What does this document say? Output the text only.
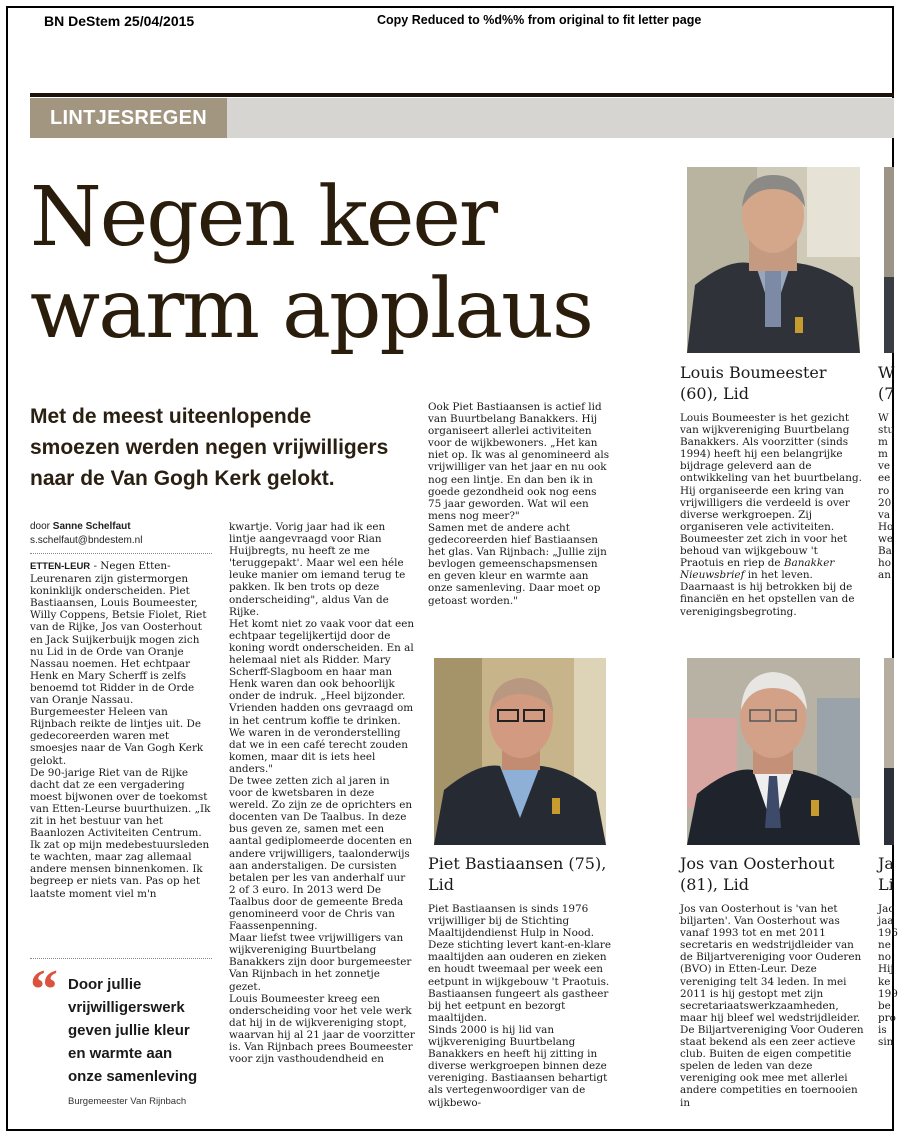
BN DeStem 25/04/2015	Copy Reduced to %d%% from original to fit letter page
LINTJESREGEN
Negen keer
warm applaus

Met de meest uiteenlopende
smoezen werden negen vrijwilligers
naar de Van Gogh Kerk gelokt.

door Sanne Schelfaut
s.schelfaut@bndestem.nl

ETTEN-LEUR - Negen Etten-Leurenaren zijn gistermorgen koninklijk onderscheiden. Piet Bastiaansen, Louis Boumeester, Willy Coppens, Betsie Fiolet, Riet van de Rijke, Jos van Oosterhout en Jack Suijkerbuijk mogen zich nu Lid in de Orde van Oranje Nassau noemen. Het echtpaar Henk en Mary Scherff is zelfs benoemd tot Ridder in de Orde van Oranje Nassau.

Burgemeester Heleen van Rijnbach reikte de lintjes uit. De gedecoreerden waren met smoesjes naar de Van Gogh Kerk gelokt.

De 90-jarige Riet van de Rijke dacht dat ze een vergadering moest bijwonen over de toekomst van Etten-Leurse buurthuizen. „Ik zit in het bestuur van het Baanlozen Activiteiten Centrum. Ik zat op mijn medebestuursleden te wachten, maar zag allemaal andere mensen binnenkomen. Ik begreep er niets van. Pas op het laatste moment viel m'n

kwartje. Vorig jaar had ik een lintje aangevraagd voor Rian Huijbregts, nu heeft ze me 'teruggepakt'. Maar wel een héle leuke manier om iemand terug te pakken. Ik ben trots op deze onderscheiding", aldus Van de Rijke.

Het komt niet zo vaak voor dat een echtpaar tegelijkertijd door de koning wordt onderscheiden. En al helemaal niet als Ridder. Mary Scherff-Slagboom en haar man Henk waren dan ook behoorlijk onder de indruk. „Heel bijzonder. Vrienden hadden ons gevraagd om in het centrum koffie te drinken. We waren in de veronderstelling dat we in een café terecht zouden komen, maar dit is iets heel anders."

De twee zetten zich al jaren in voor de kwetsbaren in deze wereld. Zo zijn ze de oprichters en docenten van De Taalbus. In deze bus geven ze, samen met een aantal gediplomeerde docenten en andere vrijwilligers, taalonderwijs aan anderstaligen. De cursisten betalen per les van anderhalf uur 2 of 3 euro. In 2013 werd De Taalbus door de gemeente Breda genomineerd voor de Chris van Faassenpenning.

Maar liefst twee vrijwilligers van wijkvereniging Buurtbelang Banakkers zijn door burgemeester Van Rijnbach in het zonnetje gezet.

Louis Boumeester kreeg een onderscheiding voor het vele werk dat hij in de wijkvereniging stopt, waarvan hij al 21 jaar de voorzitter is. Van Rijnbach prees Boumeester voor zijn vasthoudendheid en

Ook Piet Bastiaansen is actief lid van Buurtbelang Banakkers. Hij organiseert allerlei activiteiten voor de wijkbewoners. „Het kan niet op. Ik was al genomineerd als vrijwilliger van het jaar en nu ook nog een lintje. En dan ben ik in goede gezondheid ook nog eens 75 jaar geworden. Wat wil een mens nog meer?"

Samen met de andere acht gedecoreerden hief Bastiaansen het glas. Van Rijnbach: „Jullie zijn bevlogen gemeenschapsmensen en geven kleur en warmte aan onze samenleving. Daar moet op getoast worden."

“ Door jullie
vrijwilligerswerk
geven jullie kleur
en warmte aan
onze samenleving
Burgemeester Van Rijnbach
Louis Boumeester
(60), Lid

Louis Boumeester is het gezicht van wijkvereniging Buurtbelang Banakkers. Als voorzitter (sinds 1994) heeft hij een belangrijke bijdrage geleverd aan de ontwikkeling van het buurtbelang. Hij organiseerde een kring van vrijwilligers die verdeeld is over diverse werkgroepen. Zij organiseren vele activiteiten.

Boumeester zet zich in voor het behoud van wijkgebouw 't Praotuis en riep de Banakker Nieuwsbrief in het leven. Daarnaast is hij betrokken bij de financiën en het opstellen van de verenigingsbegroting.

Piet Bastiaansen (75),
Lid

Piet Bastiaansen is sinds 1976 vrijwilliger bij de Stichting Maaltijdendienst Hulp in Nood. Deze stichting levert kant-en-klare maaltijden aan ouderen en zieken en houdt tweemaal per week een eetpunt in wijkgebouw 't Praotuis. Bastiaansen fungeert als gastheer bij het eetpunt en bezorgt maaltijden.

Sinds 2000 is hij lid van wijkvereniging Buurtbelang Banakkers en heeft hij zitting in diverse werkgroepen binnen deze vereniging. Bastiaansen behartigt als vertegenwoordiger van de wijkbewo-

Jos van Oosterhout
(81), Lid

Jos van Oosterhout is 'van het biljarten'. Van Oosterhout was vanaf 1993 tot en met 2011 secretaris en wedstrijdleider van de Biljartvereniging voor Ouderen (BVO) in Etten-Leur. Deze vereniging telt 34 leden. In mei 2011 is hij gestopt met zijn secretariaatswerkzaamheden, maar hij bleef wel wedstrijdleider.

De Biljartvereniging Voor Ouderen staat bekend als een zeer actieve club. Buiten de eigen competitie spelen de leden van deze vereniging ook mee met allerlei andere competities en toernooien in

W
(7
W
stu
m
m
ve
ee
ro
20
va
Ho
we
Ba
ho
an
Ja
Li
Jac
jaa
196
ne
no
Hij
ke
199
be
pro
is
sin
